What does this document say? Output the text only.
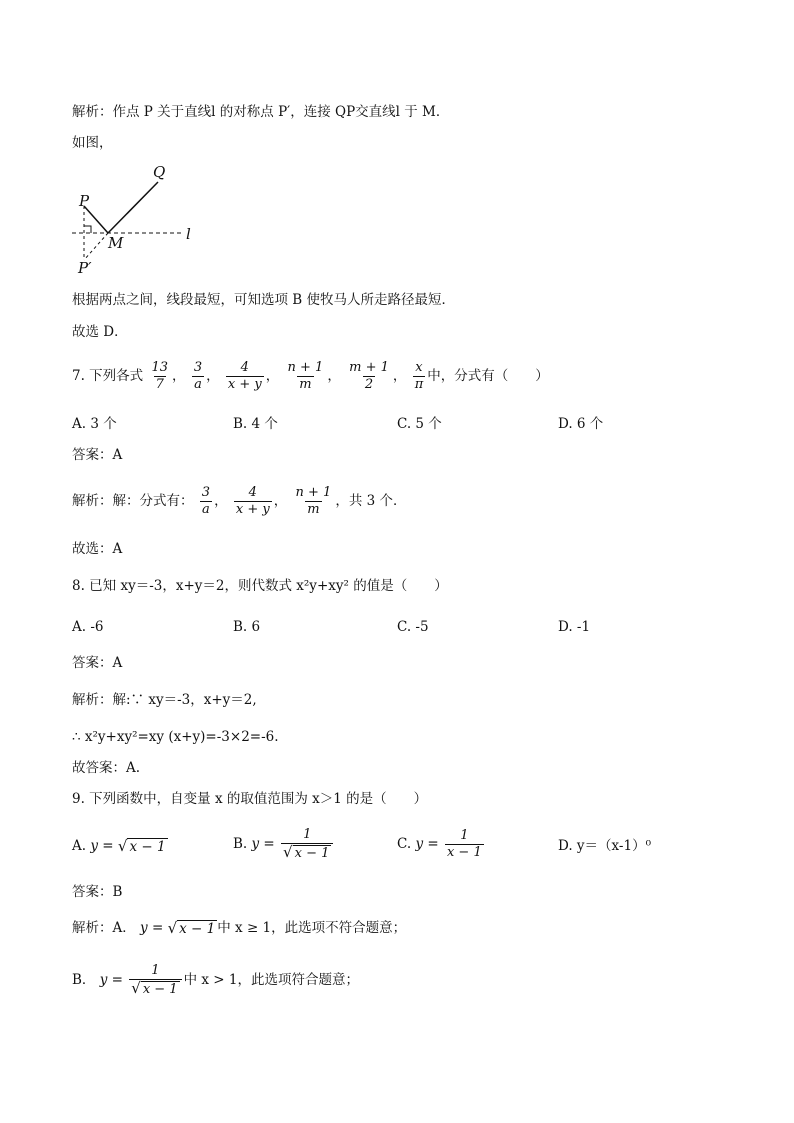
解析：作点 P 关于直线l 的对称点 P′，连接 QP交直线l 于 M．
如图，
Q
P
M	l
P′
根据两点之间，线段最短，可知选项 B 使牧马人所走路径最短．
故选 D．
7. 下列各式 $\frac{13}{7}$ ， $\frac{3}{a}$ ， $\frac{4}{x + y}$ ， $\frac{n + 1}{m}$ ， $\frac{m + 1}{2}$ ， $\frac{x}{\pi}$ 中，分式有（　　）
A. 3 个	B. 4 个	C. 5 个	D. 6 个
答案：A
解析：解：分式有： $\frac{3}{a}$ ， $\frac{4}{x + y}$ ， $\frac{n + 1}{m}$ ，共 3 个．
故选：A
8. 已知 xy＝-3，x+y＝2，则代数式 x²y+xy² 的值是（　　）
A. -6	B. 6	C. -5	D. -1
答案：A
解析：解:∵ xy＝-3，x+y＝2,
∴ x²y+xy²=xy (x+y)=-3×2=-6.
故答案：A.
9. 下列函数中，自变量 x 的取值范围为 x＞1 的是（　　）
A. y = √ x − 1	B. $y = \frac{1}{√ x - 1}$	C. $y = \frac{1}{x - 1}$	D. y＝（x-1）⁰
答案：B
解析：A． y = √ x − 1 中 x ≥ 1，此选项不符合题意；
B． $y = \frac{1}{√ x - 1}$ 中 x > 1，此选项符合题意；
